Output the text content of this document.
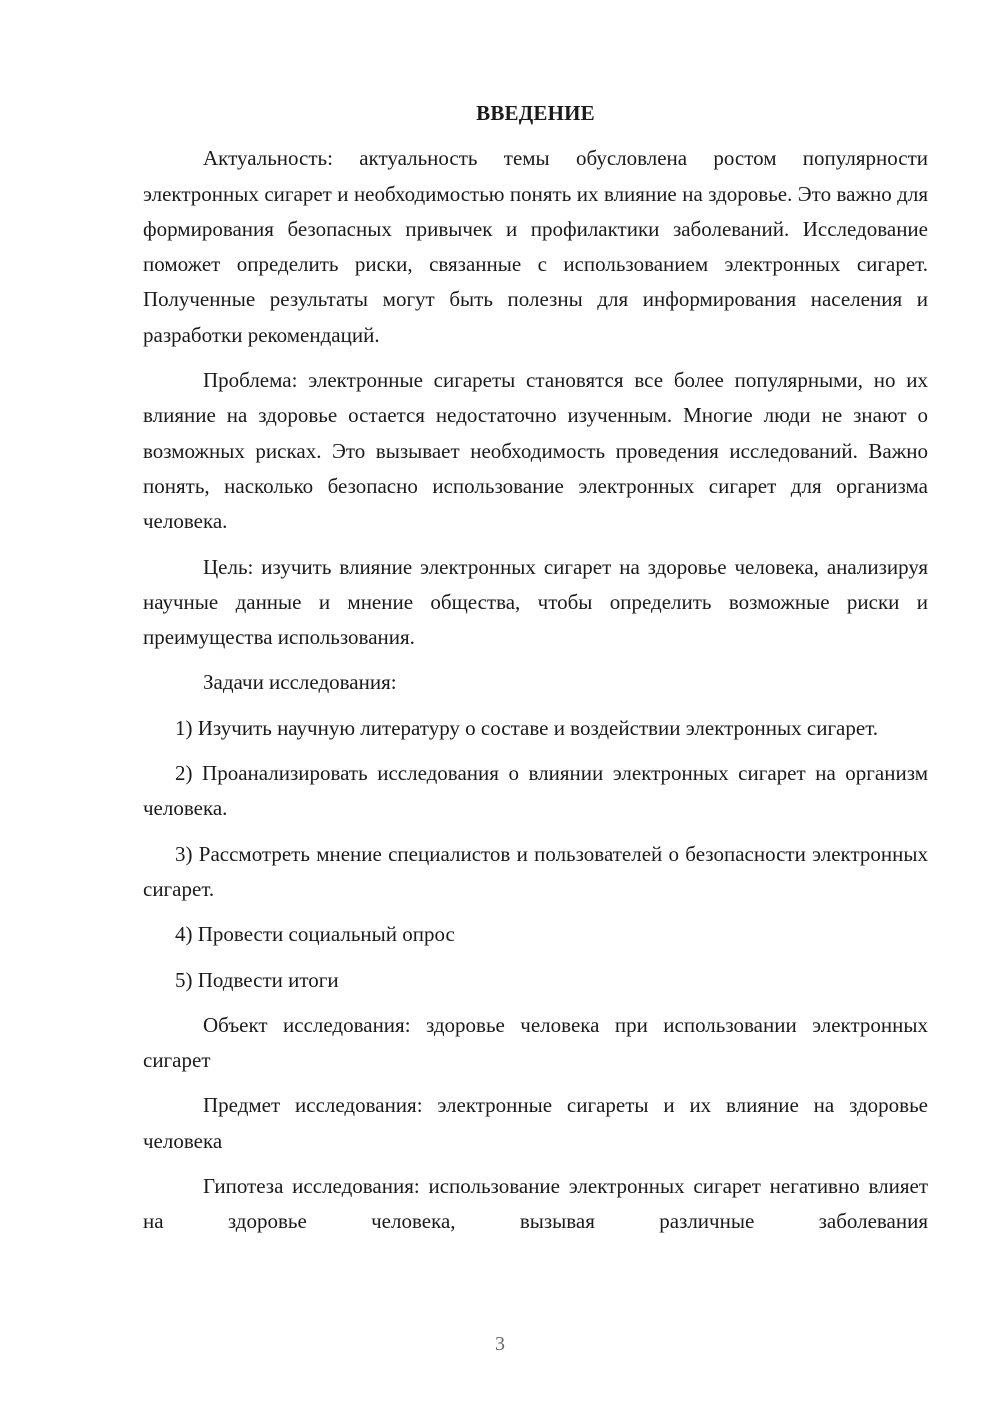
ВВЕДЕНИЕ

Актуальность: актуальность темы обусловлена ростом популярности электронных сигарет и необходимостью понять их влияние на здоровье. Это важно для формирования безопасных привычек и профилактики заболеваний. Исследование поможет определить риски, связанные с использованием электронных сигарет. Полученные результаты могут быть полезны для информирования населения и разработки рекомендаций.

Проблема: электронные сигареты становятся все более популярными, но их влияние на здоровье остается недостаточно изученным. Многие люди не знают о возможных рисках. Это вызывает необходимость проведения исследований. Важно понять, насколько безопасно использование электронных сигарет для организма человека.

Цель: изучить влияние электронных сигарет на здоровье человека, анализируя научные данные и мнение общества, чтобы определить возможные риски и преимущества использования.

Задачи исследования:

1) Изучить научную литературу о составе и воздействии электронных сигарет.

2) Проанализировать исследования о влиянии электронных сигарет на организм человека.

3) Рассмотреть мнение специалистов и пользователей о безопасности электронных сигарет.

4) Провести социальный опрос

5) Подвести итоги

Объект исследования: здоровье человека при использовании электронных сигарет

Предмет исследования: электронные сигареты и их влияние на здоровье человека

Гипотеза исследования: использование электронных сигарет негативно влияет на здоровье человека, вызывая различные заболевания

3
